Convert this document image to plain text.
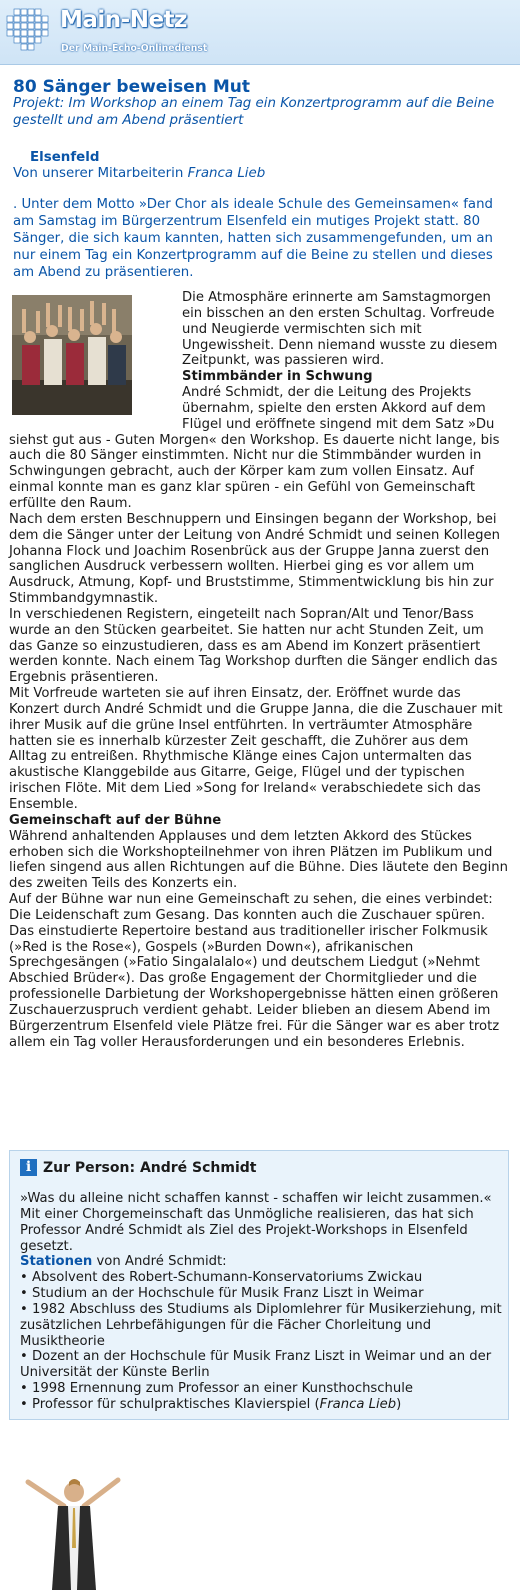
Main-Netz
Der Main-Echo-Onlinedienst
80 Sänger beweisen Mut
Projekt: Im Workshop an einem Tag ein Konzertprogramm auf die Beine gestellt und am Abend präsentiert
Elsenfeld
Von unserer Mitarbeiterin Franca Lieb
. Unter dem Motto »Der Chor als ideale Schule des Gemeinsamen« fand am Samstag im Bürgerzentrum Elsenfeld ein mutiges Projekt statt. 80 Sänger, die sich kaum kannten, hatten sich zusammengefunden, um an nur einem Tag ein Konzertprogramm auf die Beine zu stellen und dieses am Abend zu präsentieren.

Die Atmosphäre erinnerte am Samstagmorgen ein bisschen an den ersten Schultag. Vorfreude und Neugierde vermischten sich mit Ungewissheit. Denn niemand wusste zu diesem Zeitpunkt, was passieren wird.

Stimmbänder in Schwung

André Schmidt, der die Leitung des Projekts übernahm, spielte den ersten Akkord auf dem Flügel und eröffnete singend mit dem Satz »Du siehst gut aus - Guten Morgen« den Workshop. Es dauerte nicht lange, bis auch die 80 Sänger einstimmten. Nicht nur die Stimmbänder wurden in Schwingungen gebracht, auch der Körper kam zum vollen Einsatz. Auf einmal konnte man es ganz klar spüren - ein Gefühl von Gemeinschaft erfüllte den Raum.

Nach dem ersten Beschnuppern und Einsingen begann der Workshop, bei dem die Sänger unter der Leitung von André Schmidt und seinen Kollegen Johanna Flock und Joachim Rosenbrück aus der Gruppe Janna zuerst den sanglichen Ausdruck verbessern wollten. Hierbei ging es vor allem um Ausdruck, Atmung, Kopf- und Bruststimme, Stimmentwicklung bis hin zur Stimmbandgymnastik.

In verschiedenen Registern, eingeteilt nach Sopran/Alt und Tenor/Bass wurde an den Stücken gearbeitet. Sie hatten nur acht Stunden Zeit, um das Ganze so einzustudieren, dass es am Abend im Konzert präsentiert werden konnte. Nach einem Tag Workshop durften die Sänger endlich das Ergebnis präsentieren.

Mit Vorfreude warteten sie auf ihren Einsatz, der. Eröffnet wurde das Konzert durch André Schmidt und die Gruppe Janna, die die Zuschauer mit ihrer Musik auf die grüne Insel entführten. In verträumter Atmosphäre hatten sie es innerhalb kürzester Zeit geschafft, die Zuhörer aus dem Alltag zu entreißen. Rhythmische Klänge eines Cajon untermalten das akustische Klanggebilde aus Gitarre, Geige, Flügel und der typischen irischen Flöte. Mit dem Lied »Song for Ireland« verabschiedete sich das Ensemble.

Gemeinschaft auf der Bühne

Während anhaltenden Applauses und dem letzten Akkord des Stückes erhoben sich die Workshopteilnehmer von ihren Plätzen im Publikum und liefen singend aus allen Richtungen auf die Bühne. Dies läutete den Beginn des zweiten Teils des Konzerts ein.

Auf der Bühne war nun eine Gemeinschaft zu sehen, die eines verbindet: Die Leidenschaft zum Gesang. Das konnten auch die Zuschauer spüren. Das einstudierte Repertoire bestand aus traditioneller irischer Folkmusik (»Red is the Rose«), Gospels (»Burden Down«), afrikanischen Sprechgesängen (»Fatio Singalalalo«) und deutschem Liedgut (»Nehmt Abschied Brüder«). Das große Engagement der Chormitglieder und die professionelle Darbietung der Workshopergebnisse hätten einen größeren Zuschauerzuspruch verdient gehabt. Leider blieben an diesem Abend im Bürgerzentrum Elsenfeld viele Plätze frei. Für die Sänger war es aber trotz allem ein Tag voller Herausforderungen und ein besonderes Erlebnis.

i Zur Person: André Schmidt
»Was du alleine nicht schaffen kannst - schaffen wir leicht zusammen.« Mit einer Chorgemeinschaft das Unmögliche realisieren, das hat sich Professor André Schmidt als Ziel des Projekt-Workshops in Elsenfeld gesetzt.
Stationen von André Schmidt:
• Absolvent des Robert-Schumann-Konservatoriums Zwickau
• Studium an der Hochschule für Musik Franz Liszt in Weimar
• 1982 Abschluss des Studiums als Diplomlehrer für Musikerziehung, mit zusätzlichen Lehrbefähigungen für die Fächer Chorleitung und Musiktheorie
• Dozent an der Hochschule für Musik Franz Liszt in Weimar und an der Universität der Künste Berlin
• 1998 Ernennung zum Professor an einer Kunsthochschule
• Professor für schulpraktisches Klavierspiel (Franca Lieb)
